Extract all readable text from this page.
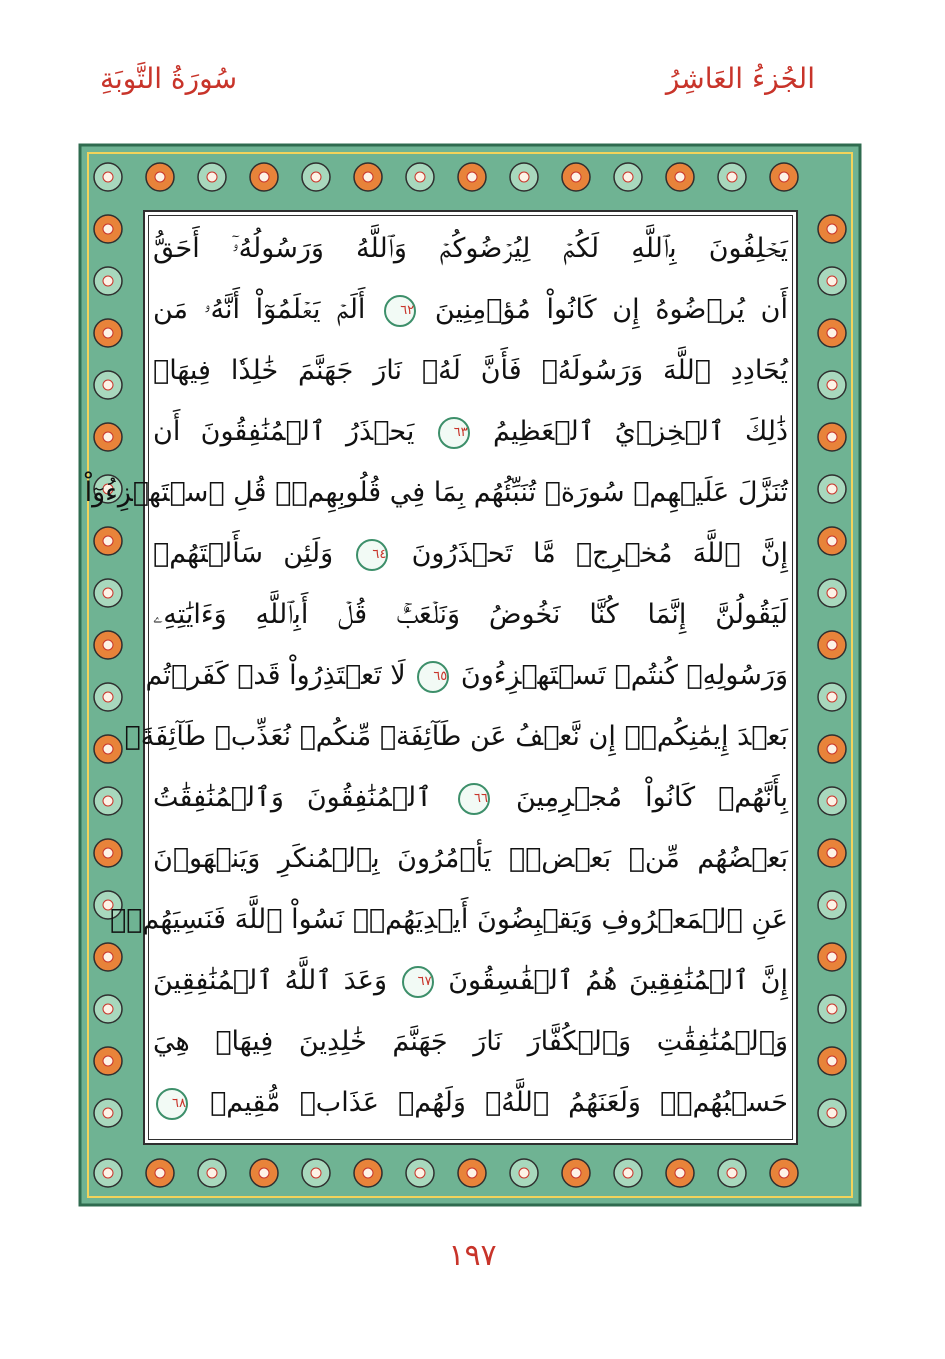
الجُزءُ العَاشِرُ
سُورَةُ التَّوبَةِ
يَحۡلِفُونَ بِٱللَّهِ لَكُمۡ لِيُرۡضُوكُمۡ وَٱللَّهُ وَرَسُولُهُۥٓ أَحَقُّ
أَن يُرۡضُوهُ إِن كَانُواْ مُؤۡمِنِينَ ٦٢ أَلَمۡ يَعۡلَمُوٓاْ أَنَّهُۥ مَن
يُحَادِدِ ٱللَّهَ وَرَسُولَهُۥ فَأَنَّ لَهُۥ نَارَ جَهَنَّمَ خَٰلِدٗا فِيهَاۚ
ذَٰلِكَ ٱلۡخِزۡيُ ٱلۡعَظِيمُ ٦٣ يَحۡذَرُ ٱلۡمُنَٰفِقُونَ أَن
تُنَزَّلَ عَلَيۡهِمۡ سُورَةٞ تُنَبِّئُهُم بِمَا فِي قُلُوبِهِمۡۚ قُلِ ٱسۡتَهۡزِءُوٓاْ
إِنَّ ٱللَّهَ مُخۡرِجٞ مَّا تَحۡذَرُونَ ٦٤ وَلَئِن سَأَلۡتَهُمۡ
لَيَقُولُنَّ إِنَّمَا كُنَّا نَخُوضُ وَنَلۡعَبُۚ قُلۡ أَبِٱللَّهِ وَءَايَٰتِهِۦ
وَرَسُولِهِۦ كُنتُمۡ تَسۡتَهۡزِءُونَ ٦٥ لَا تَعۡتَذِرُواْ قَدۡ كَفَرۡتُم
بَعۡدَ إِيمَٰنِكُمۡۚ إِن نَّعۡفُ عَن طَآئِفَةٖ مِّنكُمۡ نُعَذِّبۡ طَآئِفَةَۢ
بِأَنَّهُمۡ كَانُواْ مُجۡرِمِينَ ٦٦ ٱلۡمُنَٰفِقُونَ وَٱلۡمُنَٰفِقَٰتُ
بَعۡضُهُم مِّنۢ بَعۡضٖۚ يَأۡمُرُونَ بِٱلۡمُنكَرِ وَيَنۡهَوۡنَ
عَنِ ٱلۡمَعۡرُوفِ وَيَقۡبِضُونَ أَيۡدِيَهُمۡۚ نَسُواْ ٱللَّهَ فَنَسِيَهُمۡۚ
إِنَّ ٱلۡمُنَٰفِقِينَ هُمُ ٱلۡفَٰسِقُونَ ٦٧ وَعَدَ ٱللَّهُ ٱلۡمُنَٰفِقِينَ
وَٱلۡمُنَٰفِقَٰتِ وَٱلۡكُفَّارَ نَارَ جَهَنَّمَ خَٰلِدِينَ فِيهَاۚ هِيَ
حَسۡبُهُمۡۚ وَلَعَنَهُمُ ٱللَّهُۖ وَلَهُمۡ عَذَابٞ مُّقِيمٞ ٦٨
١٩٧
